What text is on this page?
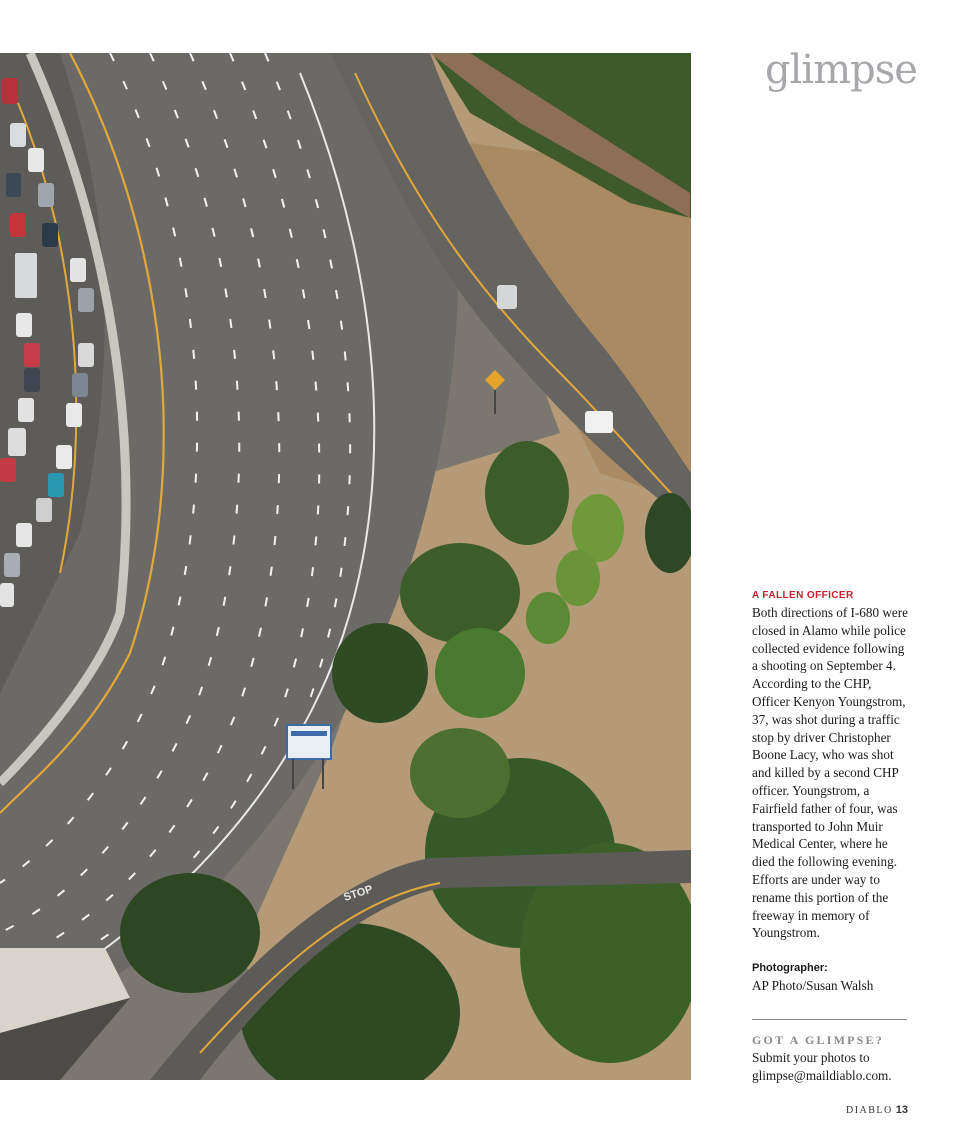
STOP
glimpse
A FALLEN OFFICER
Both directions of I-680 were closed in Alamo while police collected evidence following a shooting on September 4. According to the CHP, Officer Kenyon Youngstrom, 37, was shot during a traffic stop by driver Christopher Boone Lacy, who was shot and killed by a second CHP officer. Youngstrom, a Fairfield father of four, was transported to John Muir Medical Center, where he died the following evening. Efforts are under way to rename this portion of the freeway in memory of Youngstrom.
Photographer:
AP Photo/Susan Walsh
GOT A GLIMPSE?
Submit your photos to glimpse@maildiablo.com.
DIABLO 13
